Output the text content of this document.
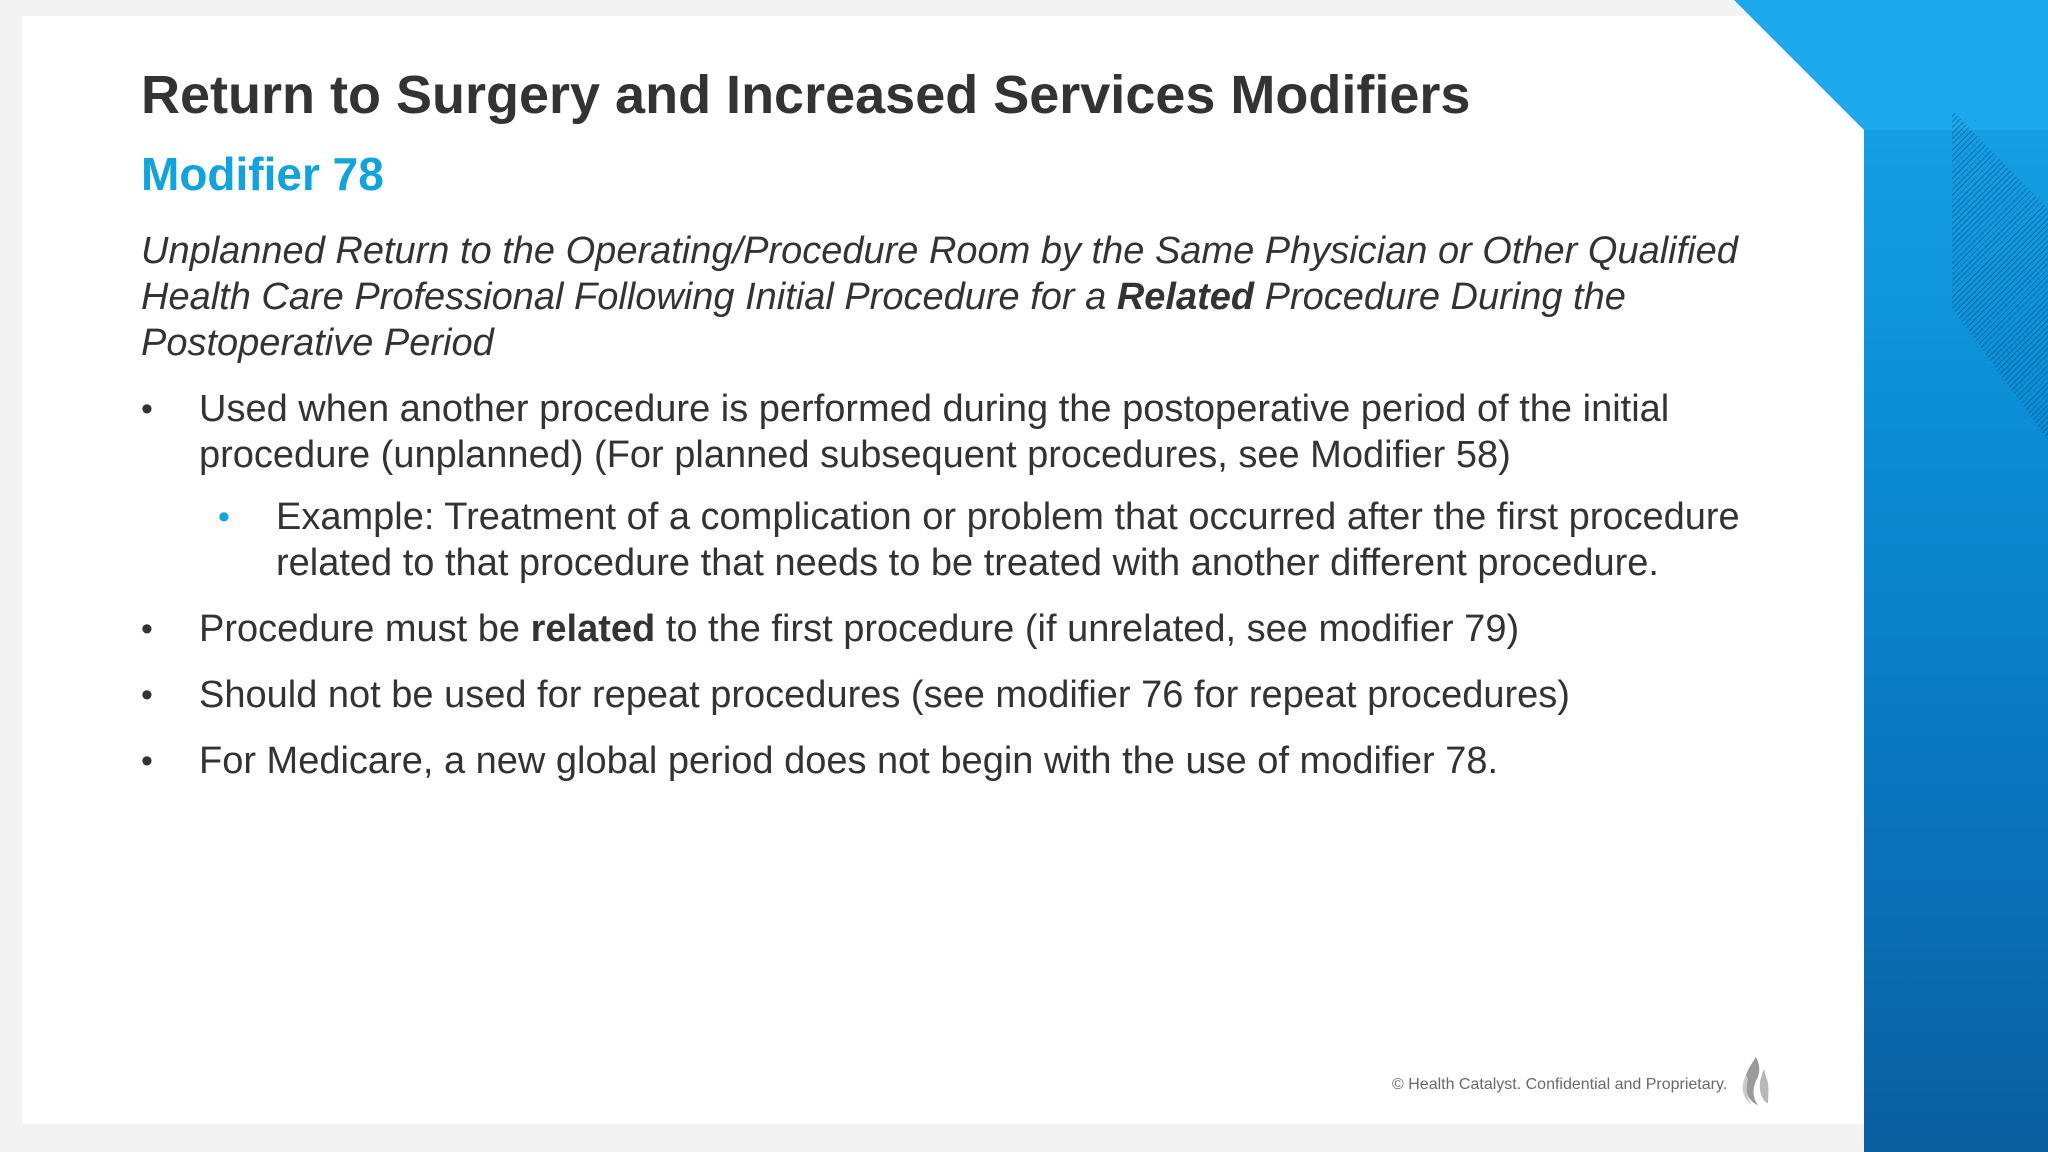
Return to Surgery and Increased Services Modifiers
Modifier 78

Unplanned Return to the Operating/Procedure Room by the Same Physician or Other Qualified Health Care Professional Following Initial Procedure for a Related Procedure During the Postoperative Period

• Used when another procedure is performed during the postoperative period of the initial procedure (unplanned) (For planned subsequent procedures, see Modifier 58)
• Example: Treatment of a complication or problem that occurred after the first procedure related to that procedure that needs to be treated with another different procedure.
• Procedure must be related to the first procedure (if unrelated, see modifier 79)
• Should not be used for repeat procedures (see modifier 76 for repeat procedures)
• For Medicare, a new global period does not begin with the use of modifier 78.
© Health Catalyst. Confidential and Proprietary.
